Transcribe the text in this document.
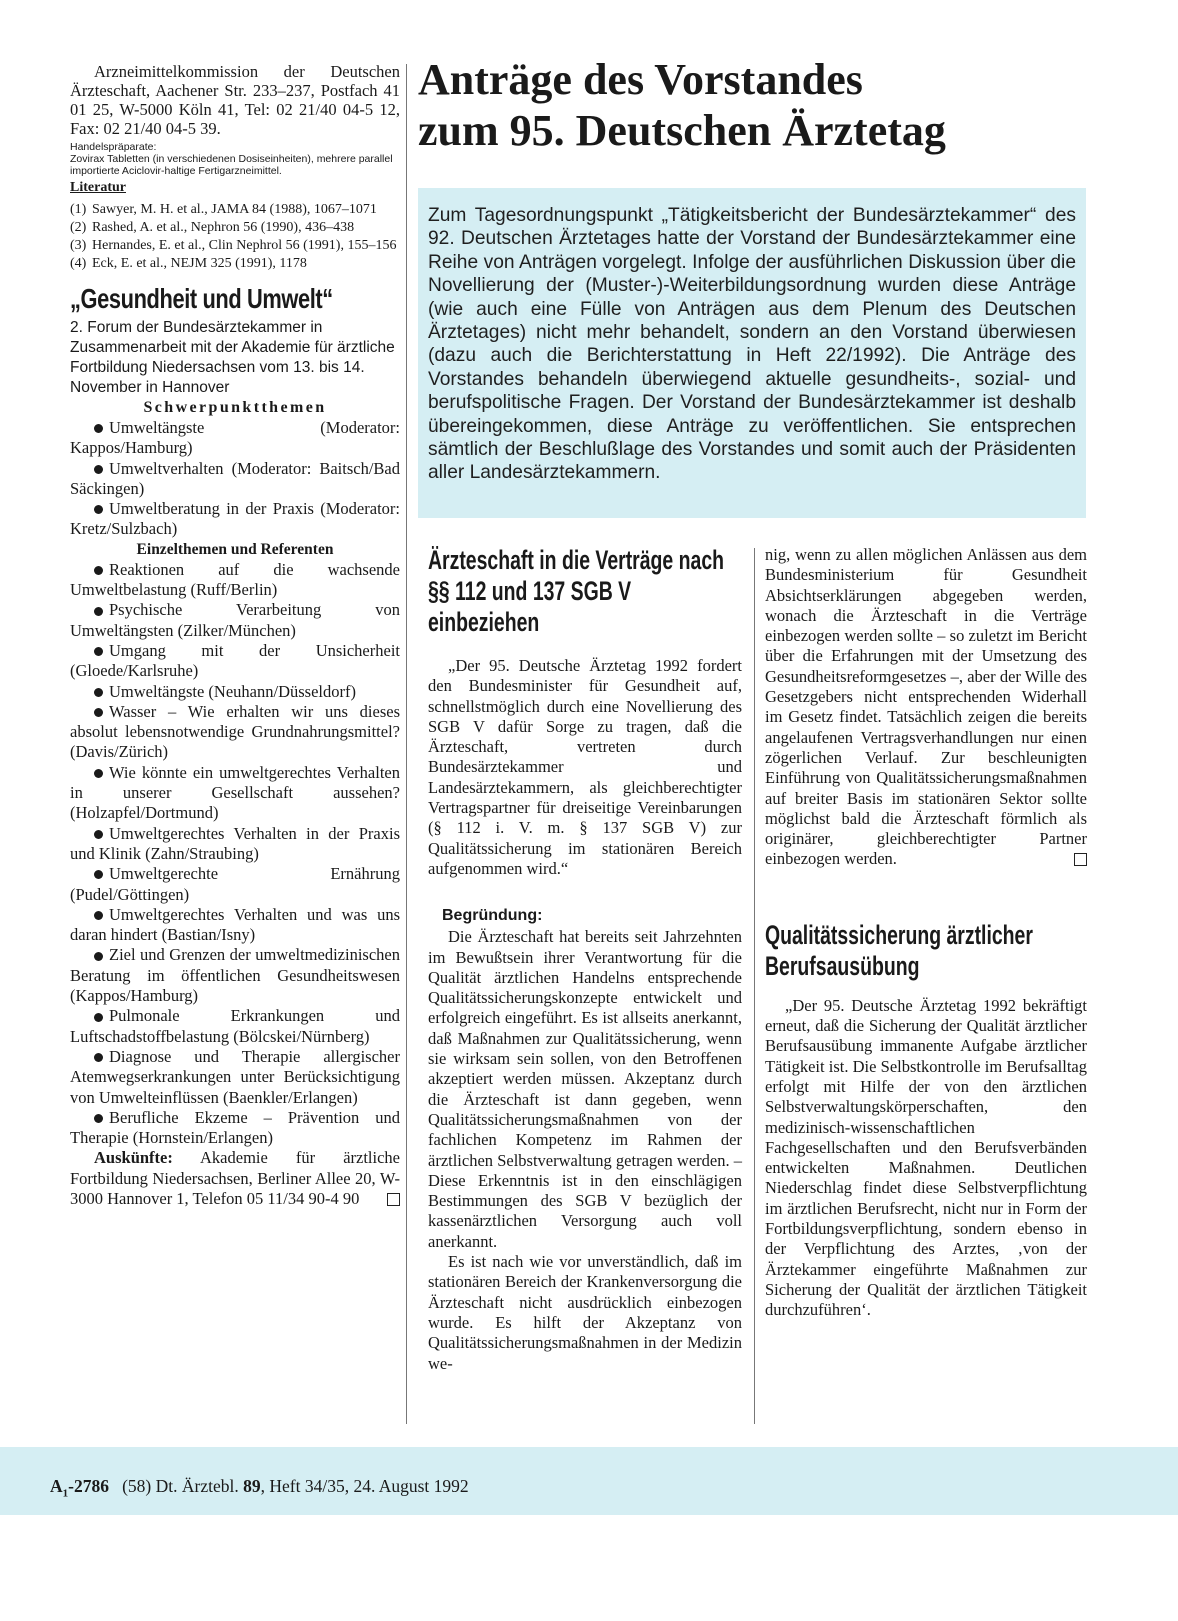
Arzneimittelkommission der Deutschen Ärzteschaft, Aachener Str. 233–237, Postfach 41 01 25, W-5000 Köln 41, Tel: 02 21/40 04-5 12, Fax: 02 21/40 04-5 39.

Handelspräparate:

Zovirax Tabletten (in verschiedenen Dosiseinheiten), mehrere parallel importierte Aciclovir-haltige Fertigarzneimittel.

Literatur

(1) Sawyer, M. H. et al., JAMA 84 (1988), 1067–1071
(2) Rashed, A. et al., Nephron 56 (1990), 436–438
(3) Hernandes, E. et al., Clin Nephrol 56 (1991), 155–156
(4) Eck, E. et al., NEJM 325 (1991), 1178
„Gesundheit und Umwelt“

2. Forum der Bundesärztekammer in Zusammenarbeit mit der Akademie für ärztliche Fortbildung Niedersachsen vom 13. bis 14. November in Hannover

Schwerpunktthemen

Umweltängste (Moderator: Kappos/Hamburg)

Umweltverhalten (Moderator: Baitsch/Bad Säckingen)

Umweltberatung in der Praxis (Moderator: Kretz/Sulzbach)

Einzelthemen und Referenten

Reaktionen auf die wachsende Umweltbelastung (Ruff/Berlin)

Psychische Verarbeitung von Umweltängsten (Zilker/München)

Umgang mit der Unsicherheit (Gloede/Karlsruhe)

Umweltängste (Neuhann/Düsseldorf)

Wasser – Wie erhalten wir uns dieses absolut lebensnotwendige Grundnahrungsmittel? (Davis/Zürich)

Wie könnte ein umweltgerechtes Verhalten in unserer Gesellschaft aussehen? (Holzapfel/Dortmund)

Umweltgerechtes Verhalten in der Praxis und Klinik (Zahn/Straubing)

Umweltgerechte Ernährung (Pudel/Göttingen)

Umweltgerechtes Verhalten und was uns daran hindert (Bastian/Isny)

Ziel und Grenzen der umweltmedizinischen Beratung im öffentlichen Gesundheitswesen (Kappos/Hamburg)

Pulmonale Erkrankungen und Luftschadstoffbelastung (Bölcskei/Nürnberg)

Diagnose und Therapie allergischer Atemwegserkrankungen unter Berücksichtigung von Umwelteinflüssen (Baenkler/Erlangen)

Berufliche Ekzeme – Prävention und Therapie (Hornstein/Erlangen)

Auskünfte: Akademie für ärztliche Fortbildung Niedersachsen, Berliner Allee 20, W-3000 Hannover 1, Telefon 05 11/34 90-4 90

Anträge des Vorstandes
zum 95. Deutschen Ärztetag

Zum Tagesordnungspunkt „Tätigkeitsbericht der Bundesärztekammer“ des 92. Deutschen Ärztetages hatte der Vorstand der Bundesärztekammer eine Reihe von Anträgen vorgelegt. Infolge der ausführlichen Diskussion über die Novellierung der (Muster-)-Weiterbildungsordnung wurden diese Anträge (wie auch eine Fülle von Anträgen aus dem Plenum des Deutschen Ärztetages) nicht mehr behandelt, sondern an den Vorstand überwiesen (dazu auch die Berichterstattung in Heft 22/1992). Die Anträge des Vorstandes behandeln überwiegend aktuelle gesundheits-, sozial- und berufspolitische Fragen. Der Vorstand der Bundesärztekammer ist deshalb übereingekommen, diese Anträge zu veröffentlichen. Sie entsprechen sämtlich der Beschlußlage des Vorstandes und somit auch der Präsidenten aller Landesärztekammern.

Ärzteschaft in die Verträge nach §§ 112 und 137 SGB V einbeziehen

„Der 95. Deutsche Ärztetag 1992 fordert den Bundesminister für Gesundheit auf, schnellstmöglich durch eine Novellierung des SGB V dafür Sorge zu tragen, daß die Ärzteschaft, vertreten durch Bundesärztekammer und Landesärztekammern, als gleichberechtigter Vertragspartner für dreiseitige Vereinbarungen (§ 112 i. V. m. § 137 SGB V) zur Qualitätssicherung im stationären Bereich aufgenommen wird.“

Begründung:

Die Ärzteschaft hat bereits seit Jahrzehnten im Bewußtsein ihrer Verantwortung für die Qualität ärztlichen Handelns entsprechende Qualitätssicherungskonzepte entwickelt und erfolgreich eingeführt. Es ist allseits anerkannt, daß Maßnahmen zur Qualitätssicherung, wenn sie wirksam sein sollen, von den Betroffenen akzeptiert werden müssen. Akzeptanz durch die Ärzteschaft ist dann gegeben, wenn Qualitätssicherungsmaßnahmen von der fachlichen Kompetenz im Rahmen der ärztlichen Selbstverwaltung getragen werden. – Diese Erkenntnis ist in den einschlägigen Bestimmungen des SGB V bezüglich der kassenärztlichen Versorgung auch voll anerkannt.

Es ist nach wie vor unverständlich, daß im stationären Bereich der Krankenversorgung die Ärzteschaft nicht ausdrücklich einbezogen wurde. Es hilft der Akzeptanz von Qualitätssicherungsmaßnahmen in der Medizin we-

nig, wenn zu allen möglichen Anlässen aus dem Bundesministerium für Gesundheit Absichtserklärungen abgegeben werden, wonach die Ärzteschaft in die Verträge einbezogen werden sollte – so zuletzt im Bericht über die Erfahrungen mit der Umsetzung des Gesundheitsreformgesetzes –, aber der Wille des Gesetzgebers nicht entsprechenden Widerhall im Gesetz findet. Tatsächlich zeigen die bereits angelaufenen Vertragsverhandlungen nur einen zögerlichen Verlauf. Zur beschleunigten Einführung von Qualitätssicherungsmaßnahmen auf breiter Basis im stationären Sektor sollte möglichst bald die Ärzteschaft förmlich als originärer, gleichberechtigter Partner einbezogen werden.

Qualitätssicherung ärztlicher Berufsausübung

„Der 95. Deutsche Ärztetag 1992 bekräftigt erneut, daß die Sicherung der Qualität ärztlicher Berufsausübung immanente Aufgabe ärztlicher Tätigkeit ist. Die Selbstkontrolle im Berufsalltag erfolgt mit Hilfe der von den ärztlichen Selbstverwaltungskörperschaften, den medizinisch-wissenschaftlichen Fachgesellschaften und den Berufsverbänden entwickelten Maßnahmen. Deutlichen Niederschlag findet diese Selbstverpflichtung im ärztlichen Berufsrecht, nicht nur in Form der Fortbildungsverpflichtung, sondern ebenso in der Verpflichtung des Arztes, ‚von der Ärztekammer eingeführte Maßnahmen zur Sicherung der Qualität der ärztlichen Tätigkeit durchzuführen‘.

$A_1-2786$ (58) Dt. Ärztebl. 89, Heft 34/35, 24. August 1992
